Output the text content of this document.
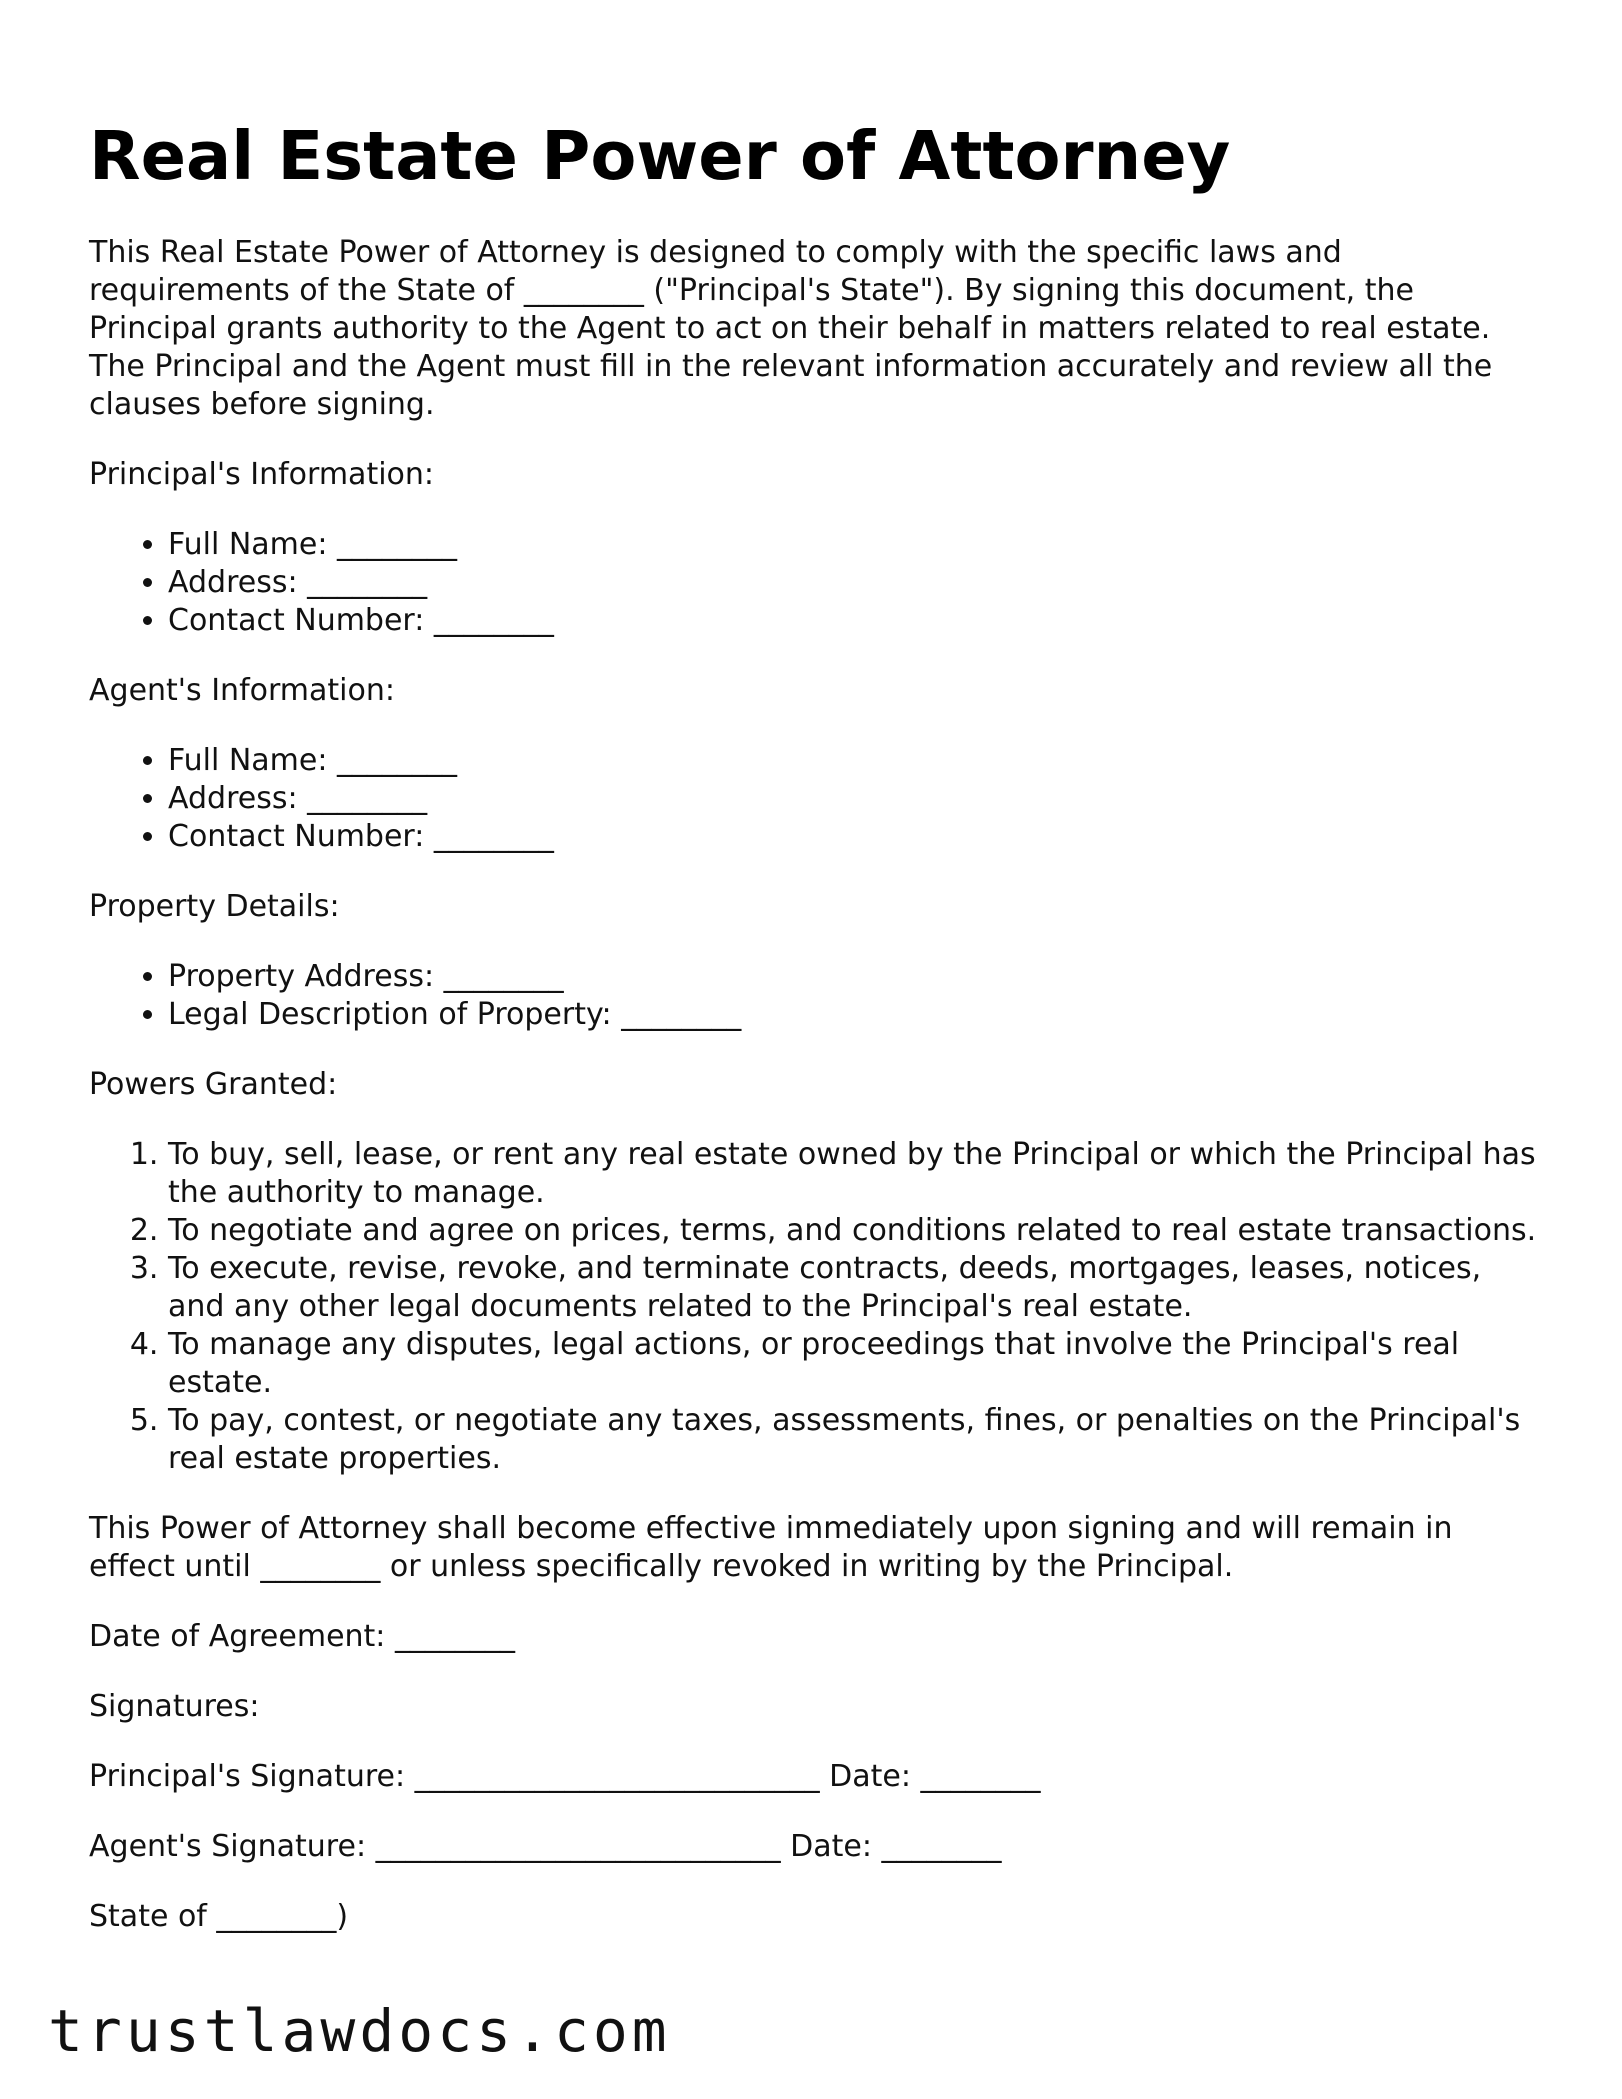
Real Estate Power of Attorney

This Real Estate Power of Attorney is designed to comply with the specific laws and requirements of the State of ________ ("Principal's State"). By signing this document, the Principal grants authority to the Agent to act on their behalf in matters related to real estate. The Principal and the Agent must fill in the relevant information accurately and review all the clauses before signing.

Principal's Information:

• Full Name: ________
• Address: ________
• Contact Number: ________

Agent's Information:

• Full Name: ________
• Address: ________
• Contact Number: ________

Property Details:

• Property Address: ________
• Legal Description of Property: ________

Powers Granted:

1. To buy, sell, lease, or rent any real estate owned by the Principal or which the Principal has the authority to manage.
2. To negotiate and agree on prices, terms, and conditions related to real estate transactions.
3. To execute, revise, revoke, and terminate contracts, deeds, mortgages, leases, notices, and any other legal documents related to the Principal's real estate.
4. To manage any disputes, legal actions, or proceedings that involve the Principal's real estate.
5. To pay, contest, or negotiate any taxes, assessments, fines, or penalties on the Principal's real estate properties.

This Power of Attorney shall become effective immediately upon signing and will remain in effect until ________ or unless specifically revoked in writing by the Principal.

Date of Agreement: ________

Signatures:

Principal's Signature: ___________________________ Date: ________

Agent's Signature: ___________________________ Date: ________

State of ________)

trustlawdocs.com
